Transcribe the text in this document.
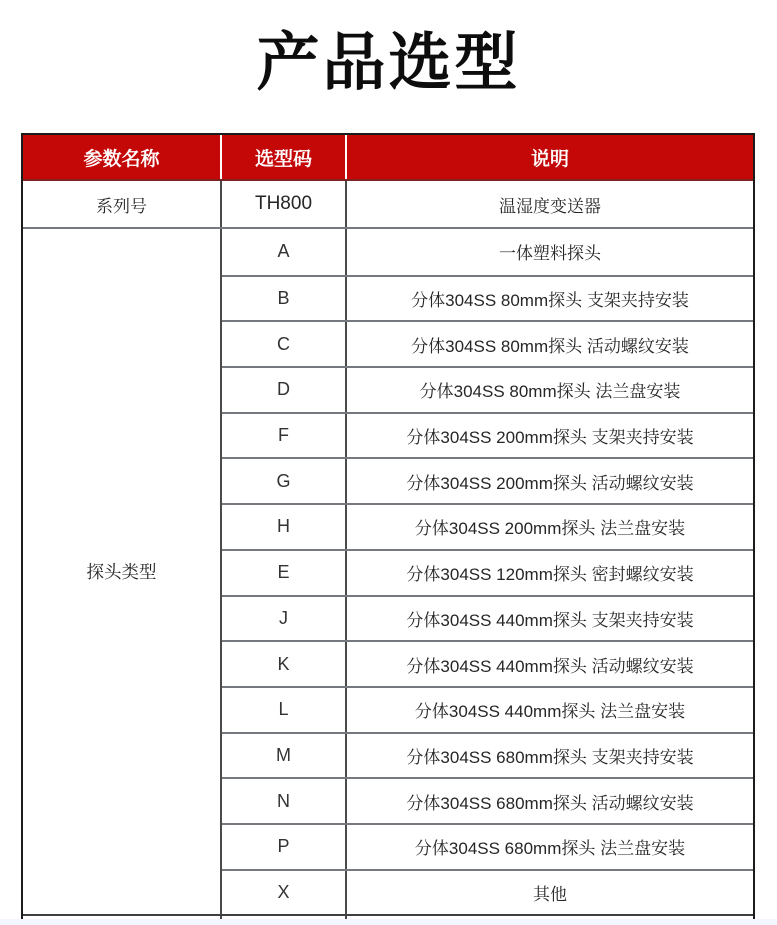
产品选型
参数名称	选型码	说明
系列号	TH800	温湿度变送器
探头类型
A	一体塑料探头
B	分体304SS 80mm探头 支架夹持安装
C	分体304SS 80mm探头 活动螺纹安装
D	分体304SS 80mm探头 法兰盘安装
F	分体304SS 200mm探头 支架夹持安装
G	分体304SS 200mm探头 活动螺纹安装
H	分体304SS 200mm探头 法兰盘安装
E	分体304SS 120mm探头 密封螺纹安装
J	分体304SS 440mm探头 支架夹持安装
K	分体304SS 440mm探头 活动螺纹安装
L	分体304SS 440mm探头 法兰盘安装
M	分体304SS 680mm探头 支架夹持安装
N	分体304SS 680mm探头 活动螺纹安装
P	分体304SS 680mm探头 法兰盘安装
X	其他
